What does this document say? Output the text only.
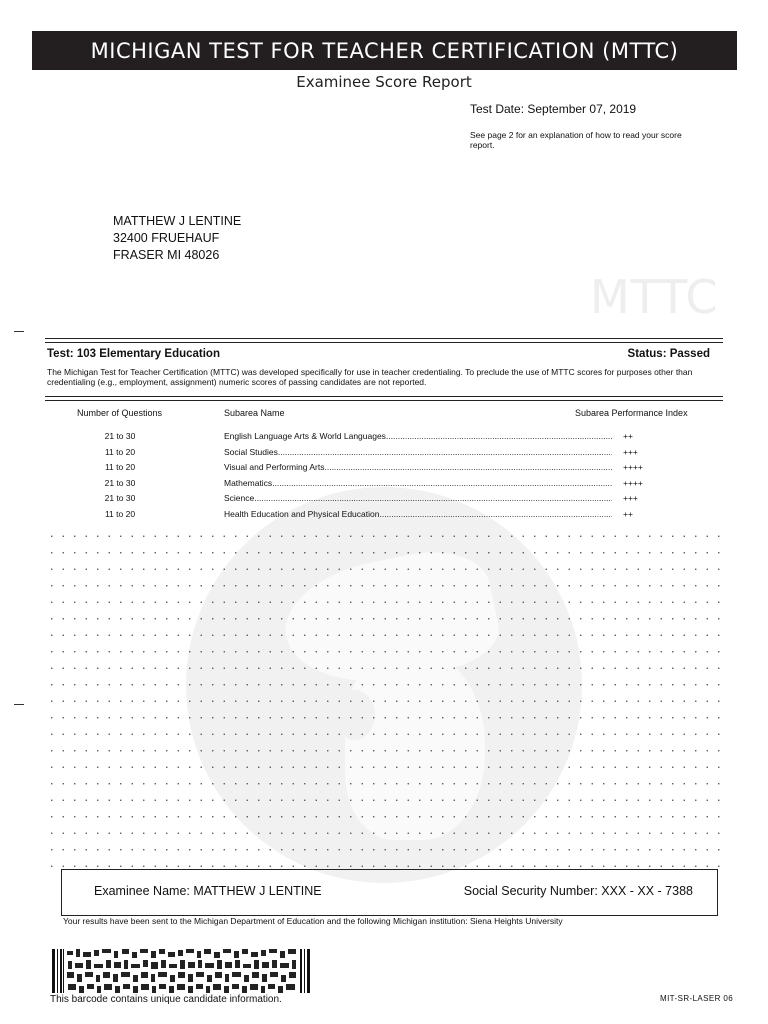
MICHIGAN TEST FOR TEACHER CERTIFICATION (MTTC)
Examinee Score Report
Test Date: September 07, 2019
See page 2 for an explanation of how to read your score report.
MATTHEW J LENTINE
32400 FRUEHAUF
FRASER MI 48026
MTTC
Test: 103 Elementary Education	Status: Passed
The Michigan Test for Teacher Certification (MTTC) was developed specifically for use in teacher credentialing. To preclude the use of MTTC scores for purposes other than credentialing (e.g., employment, assignment) numeric scores of passing candidates are not reported.
Number of Questions	Subarea Name	Subarea Performance Index
21 to 30	English Language Arts & World Languages .....	++
11 to 20	Social Studies .....	+++
11 to 20	Visual and Performing Arts .....	++++
21 to 30	Mathematics .....	++++
21 to 30	Science .....	+++
11 to 20	Health Education and Physical Education .....	++
Examinee Name: MATTHEW J LENTINE	Social Security Number: XXX - XX - 7388
Your results have been sent to the Michigan Department of Education and the following Michigan institution: Siena Heights University
This barcode contains unique candidate information.	MIT-SR-LASER 06
